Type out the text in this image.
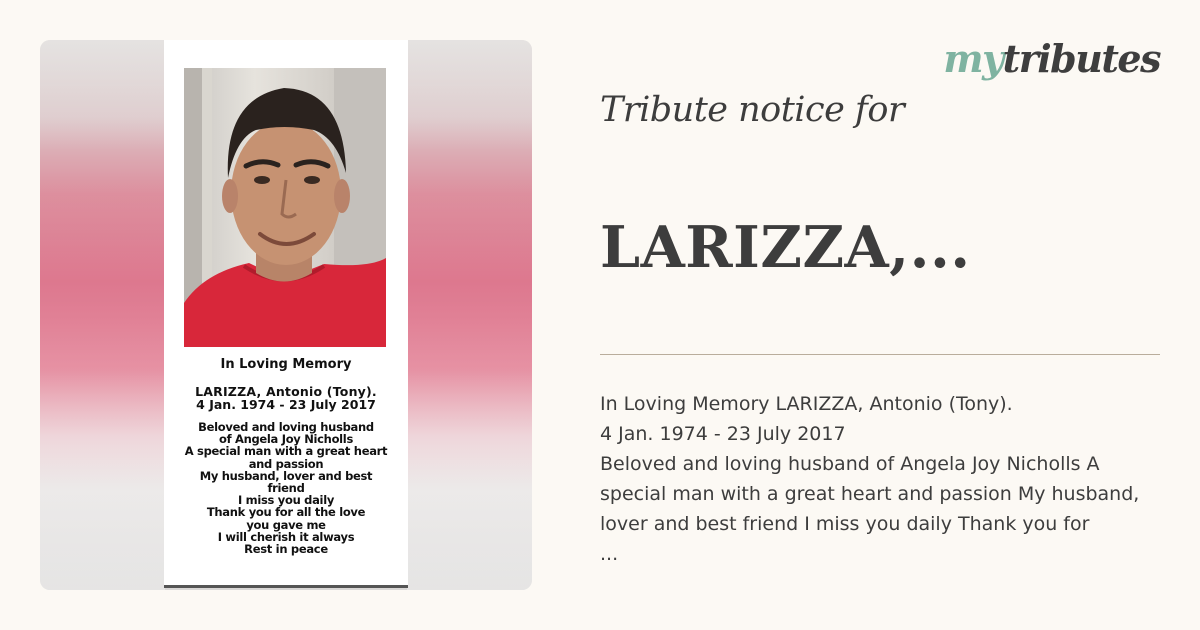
In Loving Memory
LARIZZA, Antonio (Tony).
4 Jan. 1974 - 23 July 2017
Beloved and loving husband
of Angela Joy Nicholls
A special man with a great heart
and passion
My husband, lover and best
friend
I miss you daily
Thank you for all the love
you gave me
I will cherish it always
Rest in peace
mytributes
Tribute notice for
LARIZZA,...
In Loving Memory LARIZZA, Antonio (Tony).
4 Jan. 1974 - 23 July 2017
Beloved and loving husband of Angela Joy Nicholls A
special man with a great heart and passion My husband,
lover and best friend I miss you daily Thank you for
...
